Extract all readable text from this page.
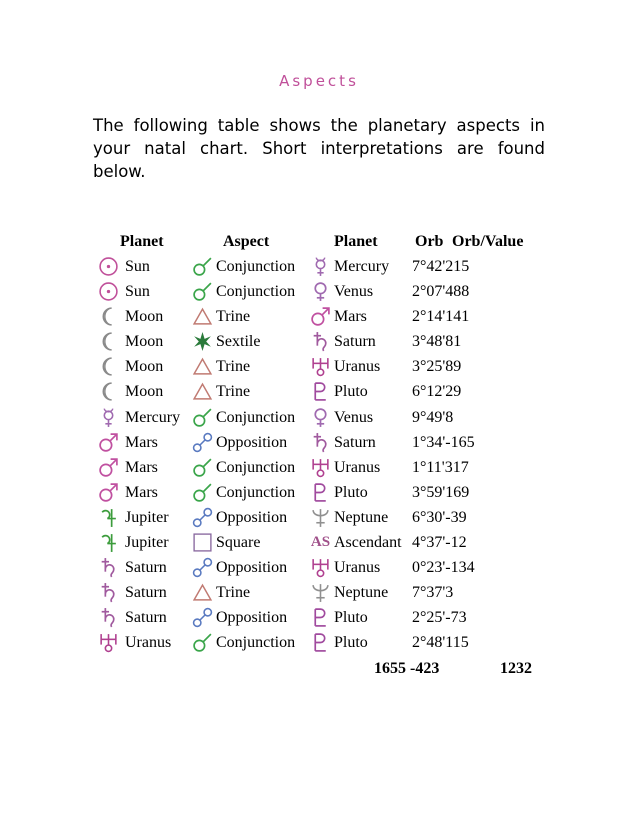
Aspects
The following table shows the planetary aspects in your natal chart. Short interpretations are found below.
Planet	Aspect	Planet Orb Orb/Value
Sun	Conjunction Mercury 7°42'215
Sun	Conjunction Venus 2°07'488
Moon	Trine	Mars	2°14'141
Moon	Sextile	Saturn 3°48'81
Moon	Trine	Uranus 3°25'89
Moon	Trine	Pluto	6°12'29
Mercury Conjunction Venus 9°49'8
Mars	Opposition	Saturn 1°34'-165
Mars	Conjunction Uranus 1°11'317
Mars	Conjunction Pluto	3°59'169
Jupiter	Opposition	Neptune 6°30'-39
Jupiter	Square	AS Ascendant 4°37'-12
Saturn	Opposition	Uranus 0°23'-134
Saturn	Trine	Neptune 7°37'3
Saturn	Opposition	Pluto	2°25'-73
Uranus	Conjunction Pluto	2°48'115
1655 -423	1232
